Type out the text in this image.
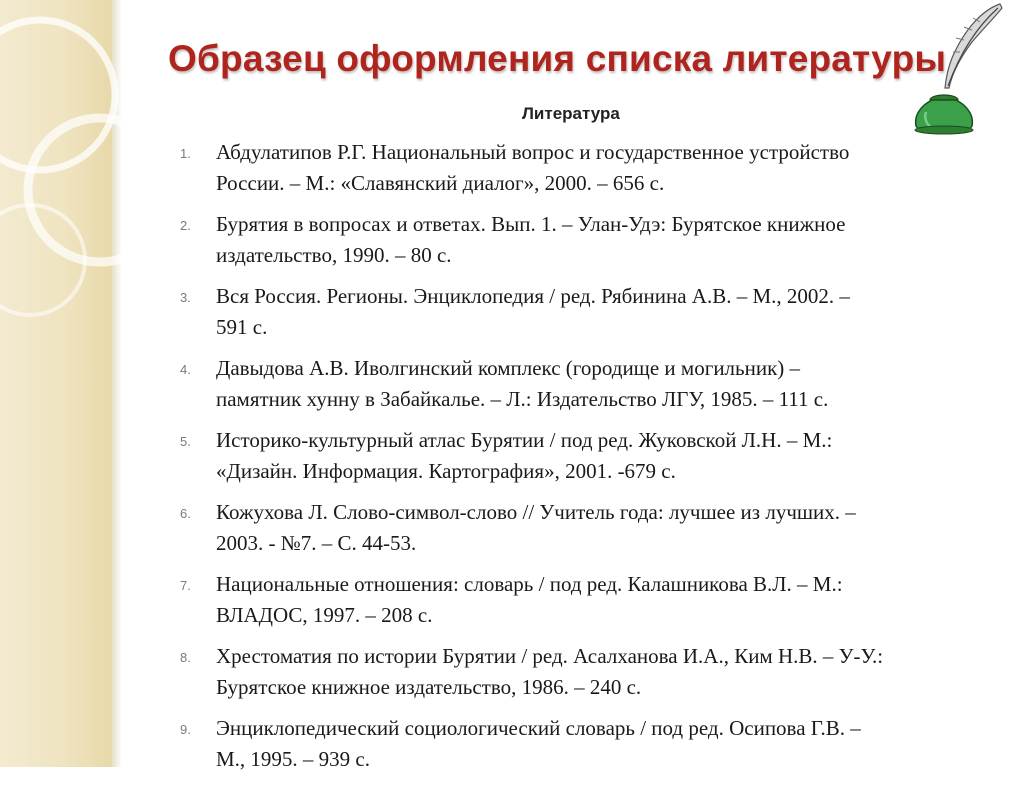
Образец оформления списка литературы
Литература
1. Абдулатипов Р.Г. Национальный вопрос и государственное устройство
России. – М.: «Славянский диалог», 2000. – 656 с.
2. Бурятия в вопросах и ответах. Вып. 1. – Улан-Удэ: Бурятское книжное
издательство, 1990. – 80 с.
3. Вся Россия. Регионы. Энциклопедия / ред. Рябинина А.В. – М., 2002. –
591 с.
4. Давыдова А.В. Иволгинский комплекс (городище и могильник) –
памятник хунну в Забайкалье. – Л.: Издательство ЛГУ, 1985. – 111 с.
5. Историко-культурный атлас Бурятии / под ред. Жуковской Л.Н. – М.:
«Дизайн. Информация. Картография», 2001. -679 с.
6. Кожухова Л. Слово-символ-слово // Учитель года: лучшее из лучших. –
2003. - №7. – С. 44-53.
7. Национальные отношения: словарь / под ред. Калашникова В.Л. – М.:
ВЛАДОС, 1997. – 208 с.
8. Хрестоматия по истории Бурятии / ред. Асалханова И.А., Ким Н.В. – У-У.:
Бурятское книжное издательство, 1986. – 240 с.
9. Энциклопедический социологический словарь / под ред. Осипова Г.В. –
М., 1995. – 939 с.
